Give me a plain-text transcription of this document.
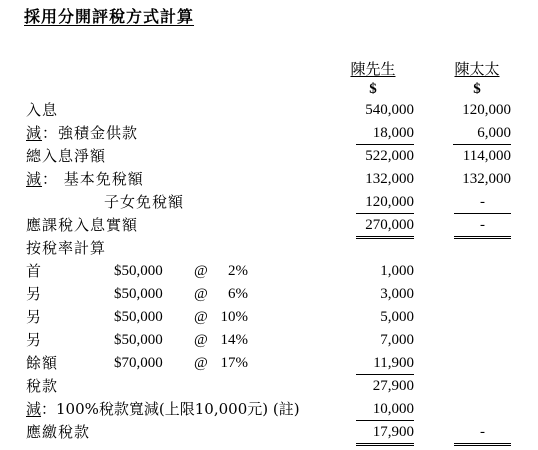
採用分開評稅方式計算
陳先生
$
陳太太
$
入息	540,000	120,000
減：強積金供款	18,000	6,000
總入息淨額	522,000	114,000
減： 基本免稅額	132,000	132,000
子女免稅額	120,000	-
應課稅入息實額	270,000	-
按稅率計算
首	$50,000 @ 2%	1,000
另	$50,000 @ 6%	3,000
另	$50,000 @ 10%	5,000
另	$50,000 @ 14%	7,000
餘額	$70,000 @ 17%	11,900
稅款	27,900
減：100%稅款寬減(上限10,000元) (註)	10,000
應繳稅款	17,900	-
